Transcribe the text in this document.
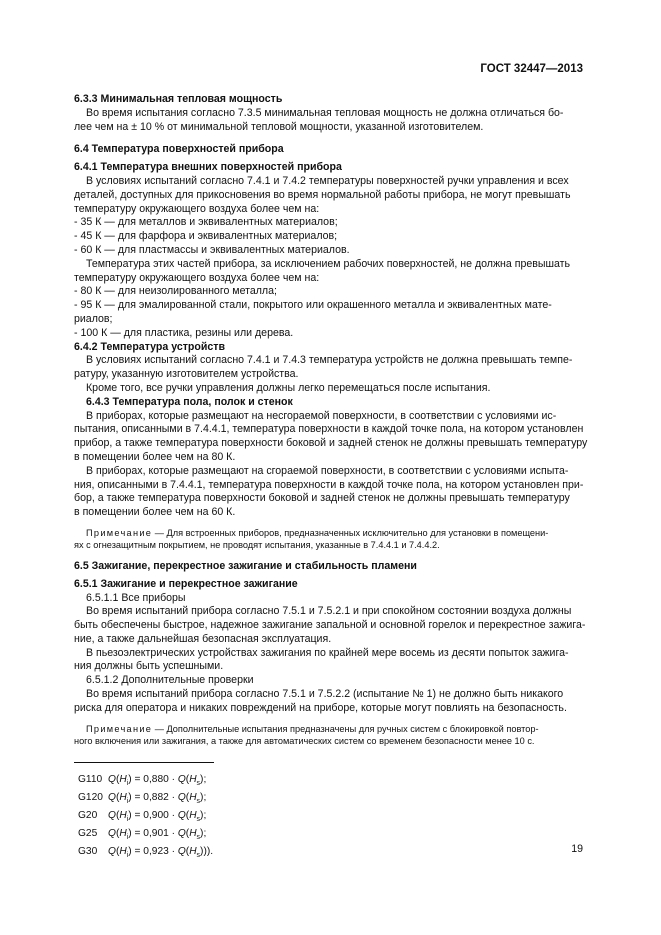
ГОСТ 32447—2013

6.3.3 Минимальная тепловая мощность

Во время испытания согласно 7.3.5 минимальная тепловая мощность не должна отличаться бо-

лее чем на ± 10 % от минимальной тепловой мощности, указанной изготовителем.

6.4 Температура поверхностей прибора

6.4.1 Температура внешних поверхностей прибора

В условиях испытаний согласно 7.4.1 и 7.4.2 температуры поверхностей ручки управления и всех

деталей, доступных для прикосновения во время нормальной работы прибора, не могут превышать

температуру окружающего воздуха более чем на:

- 35 К — для металлов и эквивалентных материалов;

- 45 К — для фарфора и эквивалентных материалов;

- 60 К — для пластмассы и эквивалентных материалов.

Температура этих частей прибора, за исключением рабочих поверхностей, не должна превышать

температуру окружающего воздуха более чем на:

- 80 К — для неизолированного металла;

- 95 К — для эмалированной стали, покрытого или окрашенного металла и эквивалентных мате-

риалов;

- 100 К — для пластика, резины или дерева.

6.4.2 Температура устройств

В условиях испытаний согласно 7.4.1 и 7.4.3 температура устройств не должна превышать темпе-

ратуру, указанную изготовителем устройства.

Кроме того, все ручки управления должны легко перемещаться после испытания.

6.4.3 Температура пола, полок и стенок

В приборах, которые размещают на несгораемой поверхности, в соответствии с условиями ис-

пытания, описанными в 7.4.4.1, температура поверхности в каждой точке пола, на котором установлен

прибор, а также температура поверхности боковой и задней стенок не должны превышать температуру

в помещении более чем на 80 К.

В приборах, которые размещают на сгораемой поверхности, в соответствии с условиями испыта-

ния, описанными в 7.4.4.1, температура поверхности в каждой точке пола, на котором установлен при-

бор, а также температура поверхности боковой и задней стенок не должны превышать температуру

в помещении более чем на 60 К.

Примечание — Для встроенных приборов, предназначенных исключительно для установки в помещени-
ях с огнезащитным покрытием, не проводят испытания, указанные в 7.4.4.1 и 7.4.4.2.

6.5 Зажигание, перекрестное зажигание и стабильность пламени

6.5.1 Зажигание и перекрестное зажигание

6.5.1.1 Все приборы

Во время испытаний прибора согласно 7.5.1 и 7.5.2.1 и при спокойном состоянии воздуха должны

быть обеспечены быстрое, надежное зажигание запальной и основной горелок и перекрестное зажига-

ние, а также дальнейшая безопасная эксплуатация.

В пьезоэлектрических устройствах зажигания по крайней мере восемь из десяти попыток зажига-

ния должны быть успешными.

6.5.1.2 Дополнительные проверки

Во время испытаний прибора согласно 7.5.1 и 7.5.2.2 (испытание № 1) не должно быть никакого

риска для оператора и никаких повреждений на приборе, которые могут повлиять на безопасность.

Примечание — Дополнительные испытания предназначены для ручных систем с блокировкой повтор-
ного включения или зажигания, а также для автоматических систем со временем безопасности менее 10 с.
G110 $Q(H_i) = 0,880 \cdot Q(H_s)$;
G120 $Q(H_i) = 0,882 \cdot Q(H_s)$;
G20 $Q(H_i) = 0,900 \cdot Q(H_s)$;
G25 $Q(H_i) = 0,901 \cdot Q(H_s)$;
G30 $Q(H_i) = 0,923 \cdot Q(H_s)$)).	19
